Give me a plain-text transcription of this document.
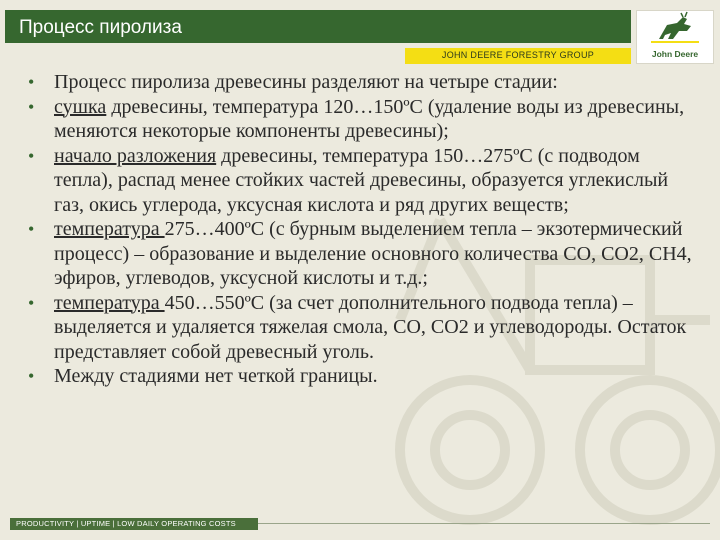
Процесс пиролиза
JOHN DEERE FORESTRY GROUP	John Deere
• Процесс пиролиза древесины разделяют на четыре стадии:
• сушка древесины, температура 120…150ºС (удаление воды из древесины, меняются некоторые компоненты древесины);
• начало разложения древесины, температура 150…275ºС (с подводом тепла), распад менее стойких частей древесины, образуется углекислый газ, окись углерода, уксусная кислота и ряд других веществ;
• температура 275…400ºС (с бурным выделением тепла – экзотермический процесс) – образование и выделение основного количества СО, СО2, СН4, эфиров, углеводов, уксусной кислоты и т.д.;
• температура 450…550ºС (за счет дополнительного подвода тепла) – выделяется и удаляется тяжелая смола, СО, СО2 и углеводороды. Остаток представляет собой древесный уголь.
• Между стадиями нет четкой границы.
PRODUCTIVITY | UPTIME | LOW DAILY OPERATING COSTS
